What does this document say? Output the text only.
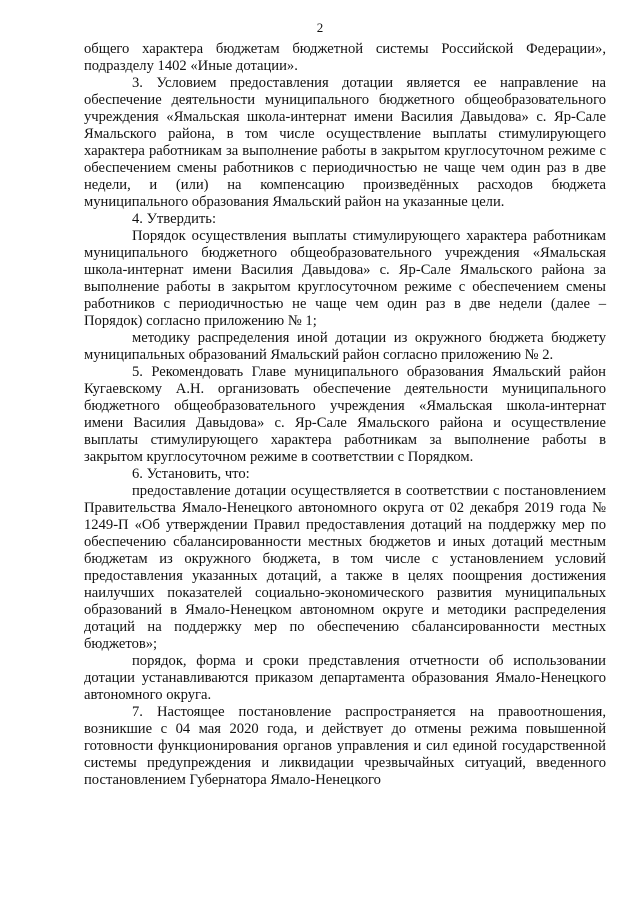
2

общего характера бюджетам бюджетной системы Российской Федерации», подразделу 1402 «Иные дотации».

3. Условием предоставления дотации является ее направление на обеспечение деятельности муниципального бюджетного общеобразовательного учреждения «Ямальская школа-интернат имени Василия Давыдова» с. Яр-Сале Ямальского района, в том числе осуществление выплаты стимулирующего характера работникам за выполнение работы в закрытом круглосуточном режиме с обеспечением смены работников с периодичностью не чаще чем один раз в две недели, и (или) на компенсацию произведённых расходов бюджета муниципального образования Ямальский район на указанные цели.

4. Утвердить:

Порядок осуществления выплаты стимулирующего характера работникам муниципального бюджетного общеобразовательного учреждения «Ямальская школа-интернат имени Василия Давыдова» с. Яр-Сале Ямальского района за выполнение работы в закрытом круглосуточном режиме с обеспечением смены работников с периодичностью не чаще чем один раз в две недели (далее – Порядок) согласно приложению № 1;

методику распределения иной дотации из окружного бюджета бюджету муниципальных образований Ямальский район согласно приложению № 2.

5. Рекомендовать Главе муниципального образования Ямальский район Кугаевскому А.Н. организовать обеспечение деятельности муниципального бюджетного общеобразовательного учреждения «Ямальская школа-интернат имени Василия Давыдова» с. Яр-Сале Ямальского района и осуществление выплаты стимулирующего характера работникам за выполнение работы в закрытом круглосуточном режиме в соответствии с Порядком.

6. Установить, что:

предоставление дотации осуществляется в соответствии с постановлением Правительства Ямало-Ненецкого автономного округа от 02 декабря 2019 года № 1249-П «Об утверждении Правил предоставления дотаций на поддержку мер по обеспечению сбалансированности местных бюджетов и иных дотаций местным бюджетам из окружного бюджета, в том числе с установлением условий предоставления указанных дотаций, а также в целях поощрения достижения наилучших показателей социально-экономического развития муниципальных образований в Ямало-Ненецком автономном округе и методики распределения дотаций на поддержку мер по обеспечению сбалансированности местных бюджетов»;

порядок, форма и сроки представления отчетности об использовании дотации устанавливаются приказом департамента образования Ямало-Ненецкого автономного округа.

7. Настоящее постановление распространяется на правоотношения, возникшие с 04 мая 2020 года, и действует до отмены режима повышенной готовности функционирования органов управления и сил единой государственной системы предупреждения и ликвидации чрезвычайных ситуаций, введенного постановлением Губернатора Ямало-Ненецкого
